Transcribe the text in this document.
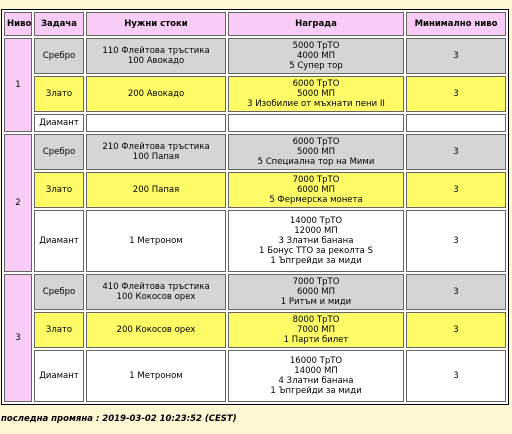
Ниво	Задача	Нужни стоки	Награда	Минимално ниво
1	Сребро	110 Флейтова тръстика
100 Авокадо	5000 ТрТО
4000 МП
5 Супер тор	3
	Злато	200 Авокадо	6000 ТрТО
5000 МП
3 Изобилие от мъхнати пени II	3
	Диамант			
2	Сребро	210 Флейтова тръстика
100 Папая	6000 ТрТО
5000 МП
5 Специална тор на Мими	3
	Злато	200 Папая	7000 ТрТО
6000 МП
5 Фермерска монета	3
	Диамант	1 Метроном	14000 ТрТО
12000 МП
3 Златни банана
1 Бонус ТТО за реколта S
1 Ъпгрейди за миди	3
3	Сребро	410 Флейтова тръстика
100 Кокосов орех	7000 ТрТО
6000 МП
1 Ритъм и миди	3
	Злато	200 Кокосов орех	8000 ТрТО
7000 МП
1 Парти билет	3
	Диамант	1 Метроном	16000 ТрТО
14000 МП
4 Златни банана
1 Ъпгрейди за миди	3
последна промяна : 2019-03-02 10:23:52 (CEST)
